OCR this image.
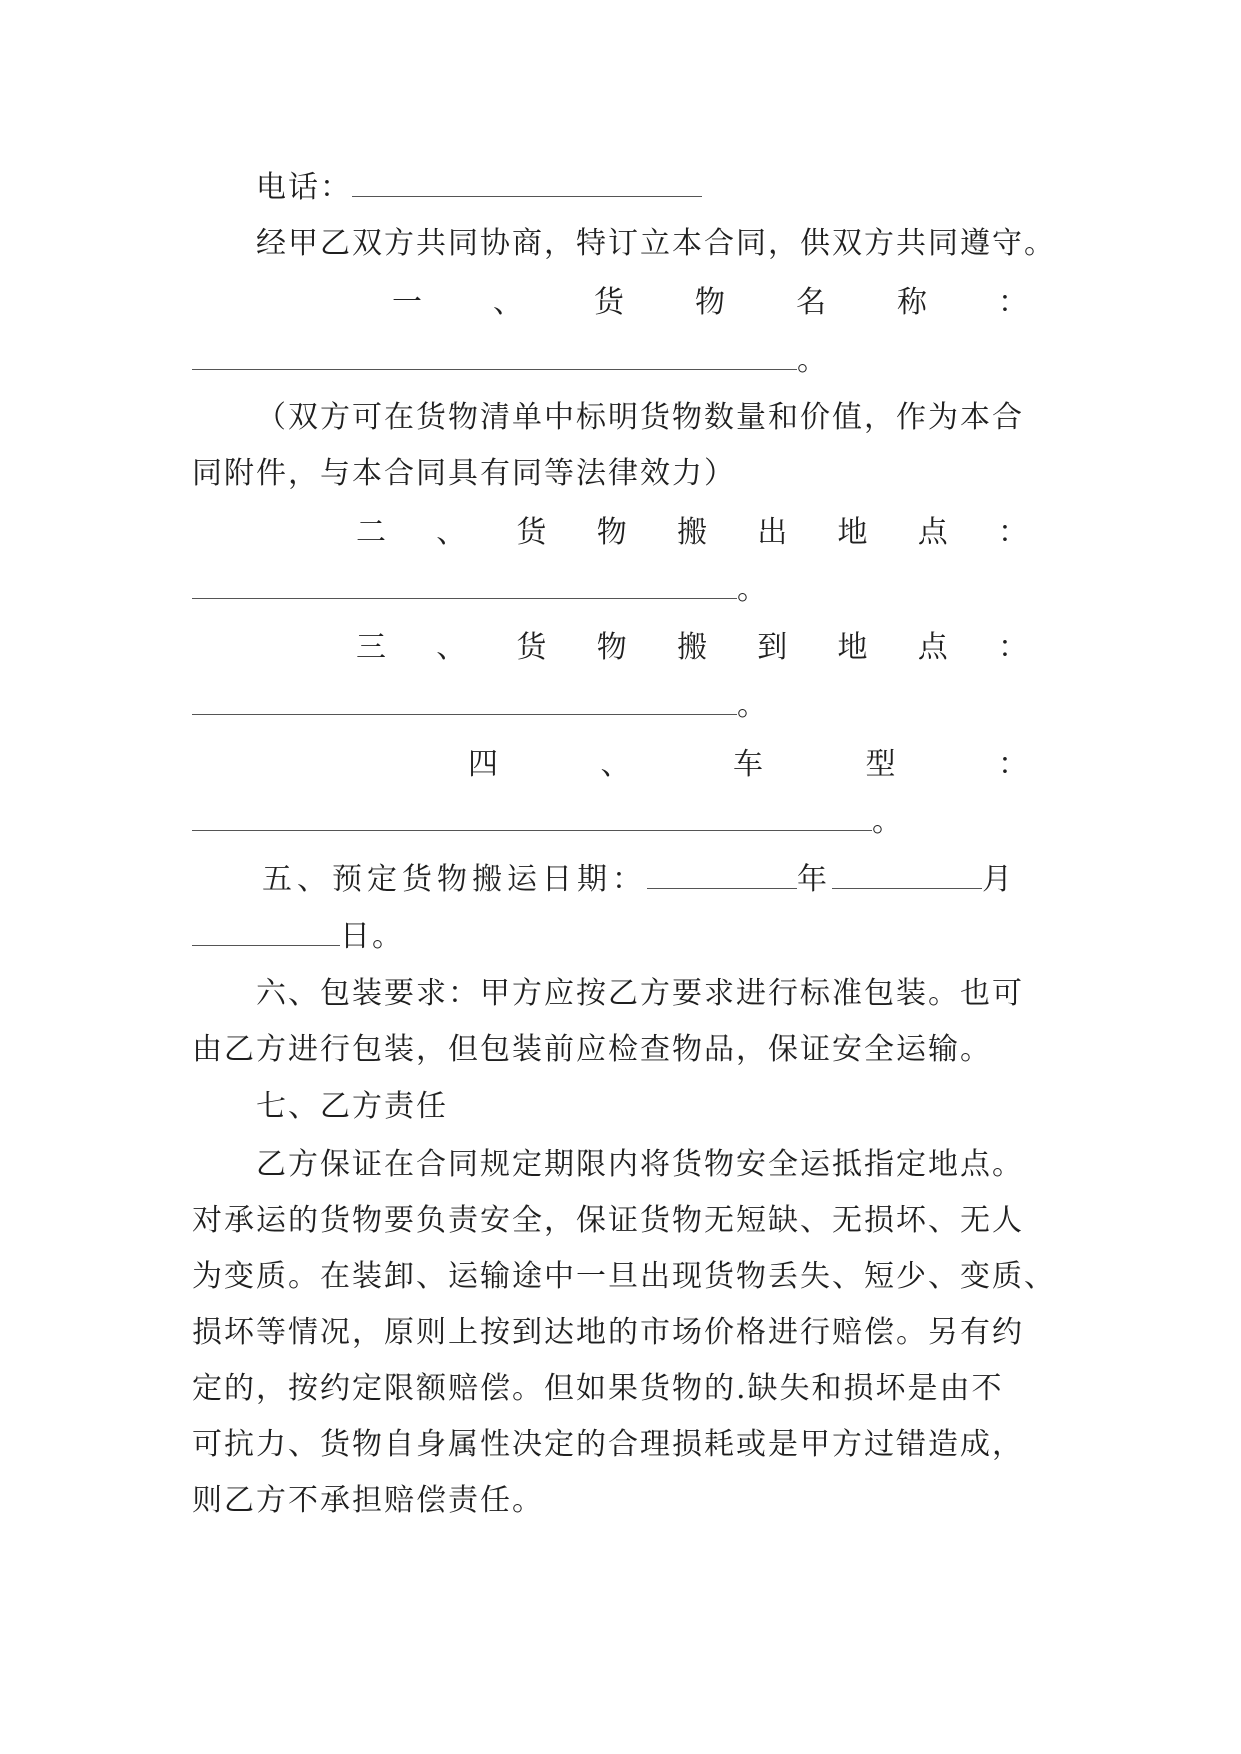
电话：
经甲乙双方共同协商，特订立本合同，供双方共同遵守。
一 、 货 物 名 称 ：
。
（双方可在货物清单中标明货物数量和价值，作为本合
同附件，与本合同具有同等法律效力）
二 、 货 物 搬 出 地 点 ：
。
三 、 货 物 搬 到 地 点 ：
。
四	、	车	型	：
。
五、预定货物搬运日期：	年	月
日。
六、包装要求：甲方应按乙方要求进行标准包装。也可
由乙方进行包装，但包装前应检查物品，保证安全运输。
七、乙方责任
乙方保证在合同规定期限内将货物安全运抵指定地点。
对承运的货物要负责安全，保证货物无短缺、无损坏、无人
为变质。在装卸、运输途中一旦出现货物丢失、短少、变质、
损坏等情况，原则上按到达地的市场价格进行赔偿。另有约
定的，按约定限额赔偿。但如果货物的.缺失和损坏是由不
可抗力、货物自身属性决定的合理损耗或是甲方过错造成，
则乙方不承担赔偿责任。
